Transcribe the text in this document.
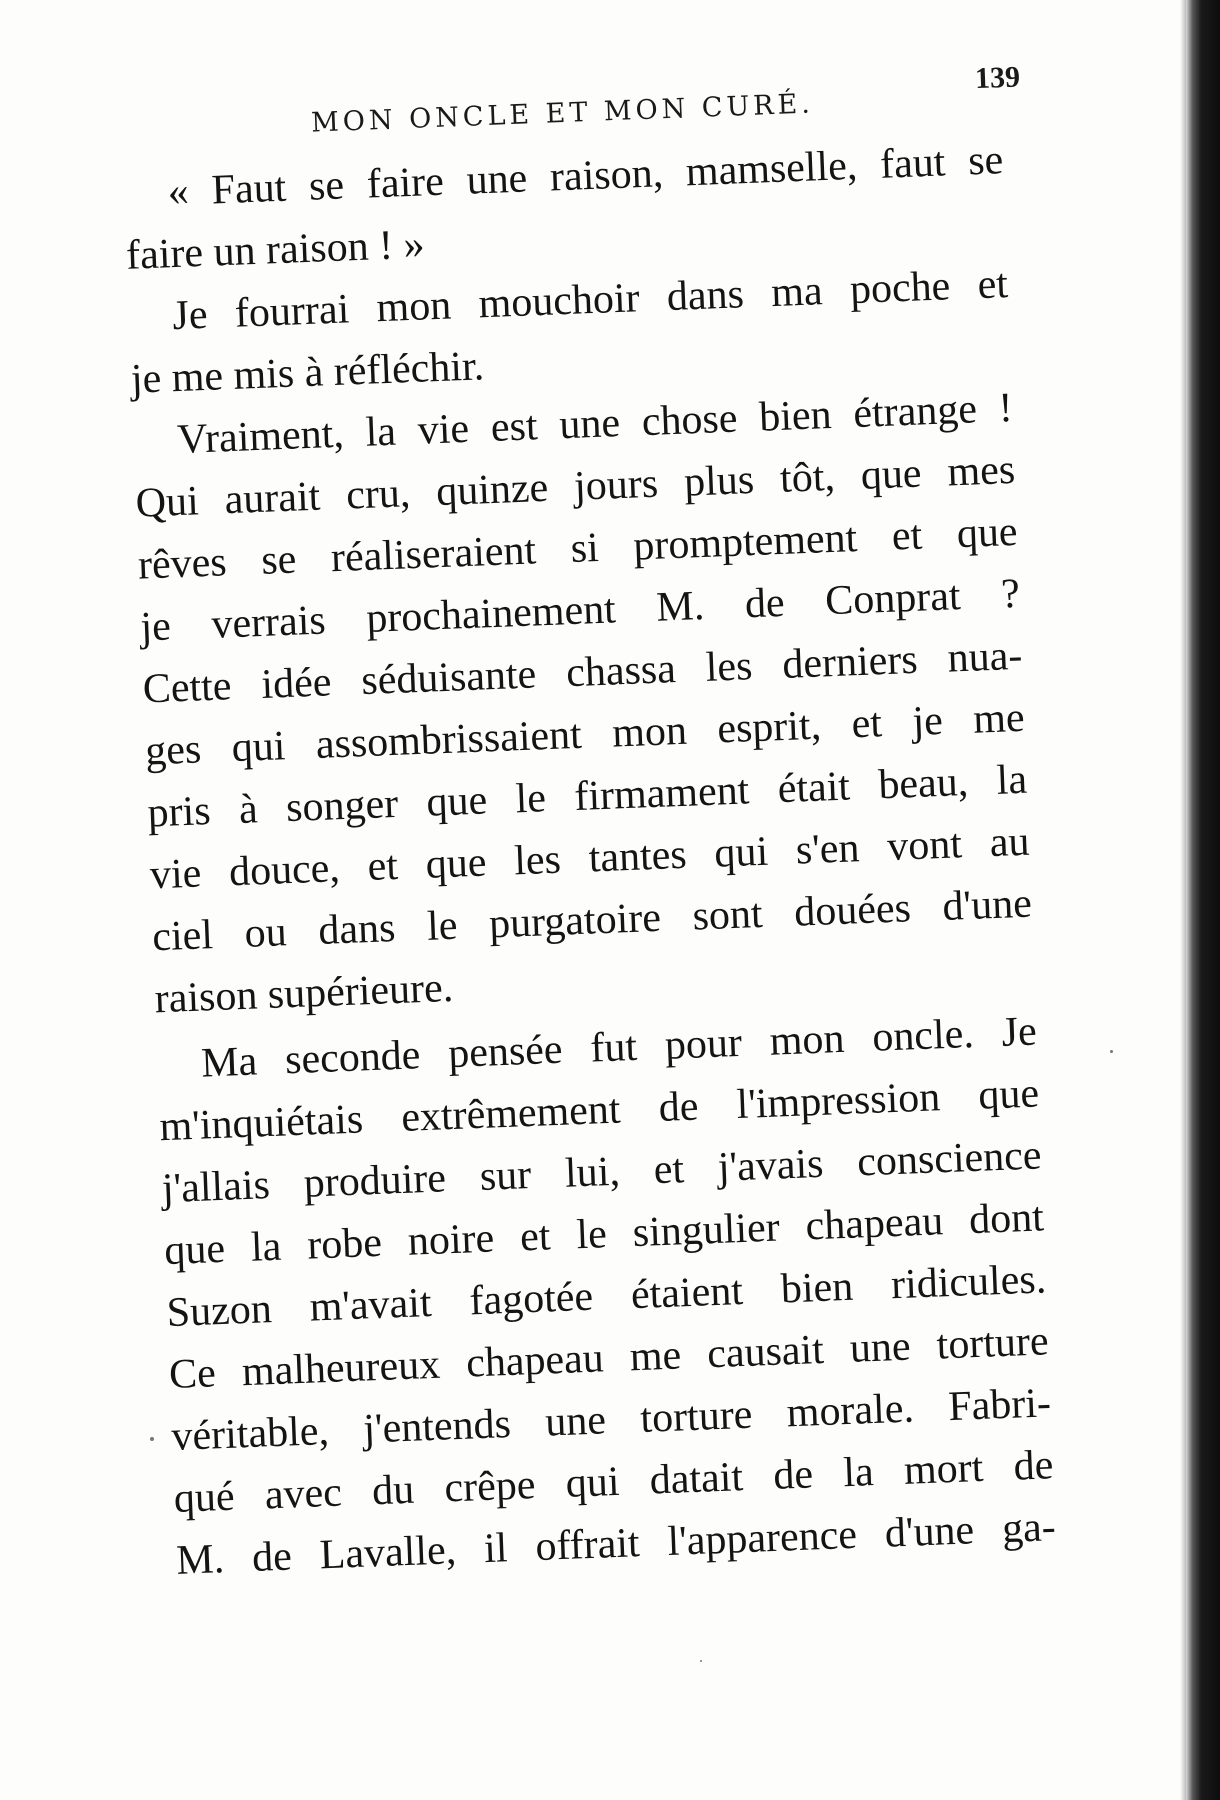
MON ONCLE ET MON CURÉ.
139
« Faut se faire une raison, mamselle, faut se
faire un raison ! »
Je fourrai mon mouchoir dans ma poche et
je me mis à réfléchir.
Vraiment, la vie est une chose bien étrange !
Qui aurait cru, quinze jours plus tôt, que mes
rêves se réaliseraient si promptement et que
je verrais prochainement M. de Conprat ?
Cette idée séduisante chassa les derniers nua-
ges qui assombrissaient mon esprit, et je me
pris à songer que le firmament était beau, la
vie douce, et que les tantes qui s'en vont au
ciel ou dans le purgatoire sont douées d'une
raison supérieure.
Ma seconde pensée fut pour mon oncle. Je
m'inquiétais extrêmement de l'impression que
j'allais produire sur lui, et j'avais conscience
que la robe noire et le singulier chapeau dont
Suzon m'avait fagotée étaient bien ridicules.
Ce malheureux chapeau me causait une torture
véritable, j'entends une torture morale. Fabri-
qué avec du crêpe qui datait de la mort de
M. de Lavalle, il offrait l'apparence d'une ga-
